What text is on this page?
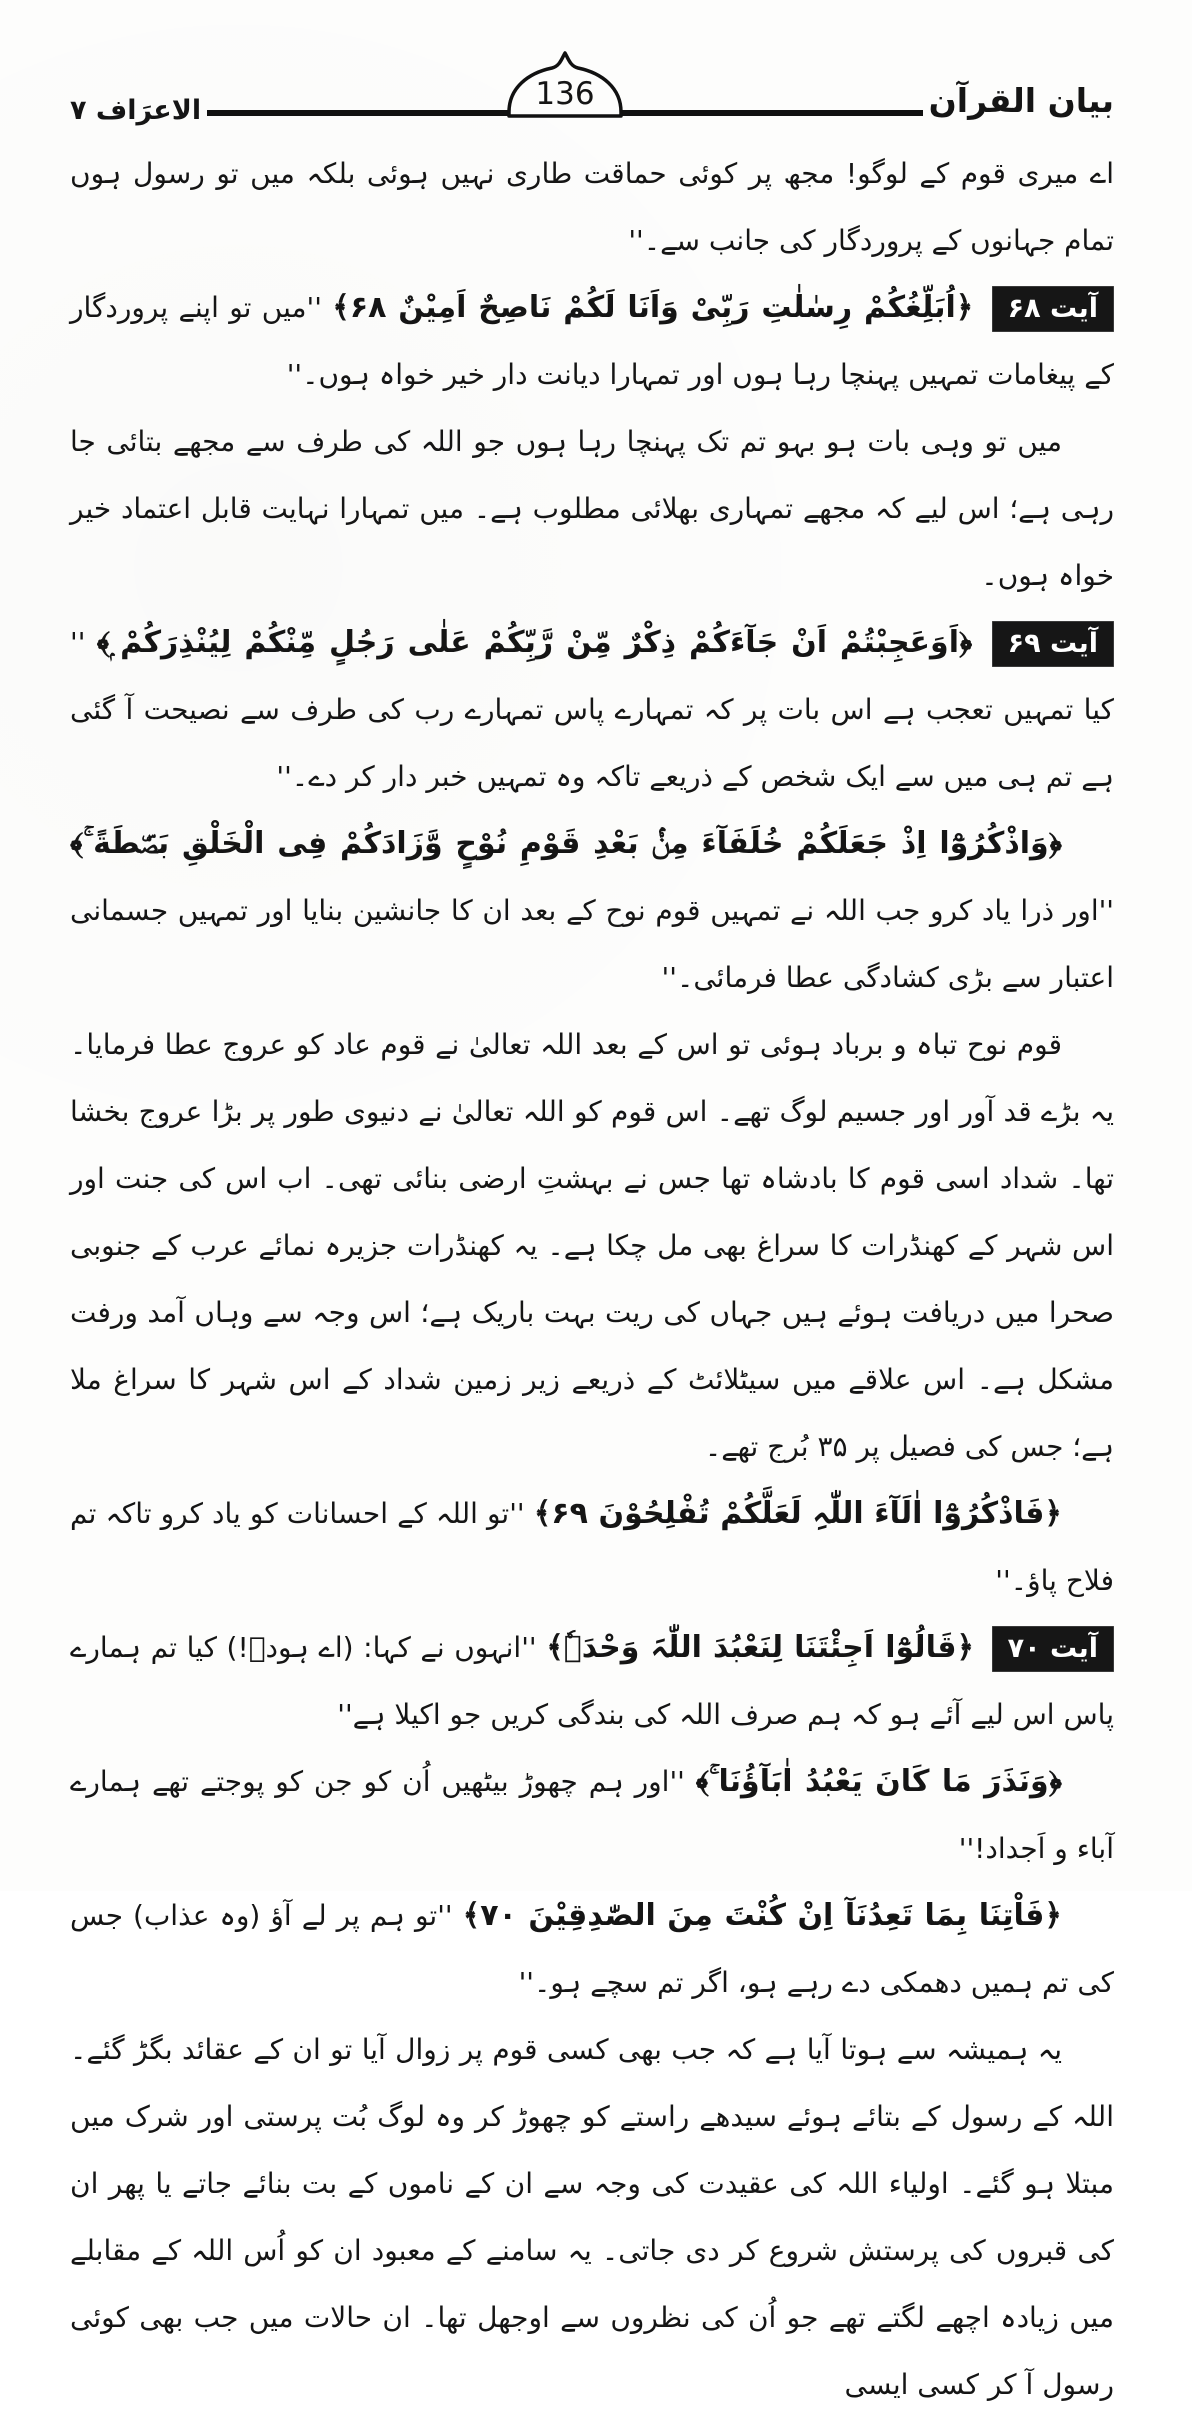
بیان القرآن
136
الاعرَاف ۷

اے میری قوم کے لوگو! مجھ پر کوئی حماقت طاری نہیں ہوئی بلکہ میں تو رسول ہوں تمام جہانوں کے پروردگار کی جانب سے۔''

آیت ۶۸ ﴿اُبَلِّغُکُمْ رِسٰلٰتِ رَبِّیْ وَاَنَا لَکُمْ نَاصِحٌ اَمِیْنٌ ۶۸﴾ ''میں تو اپنے پروردگار کے پیغامات تمہیں پہنچا رہا ہوں اور تمہارا دیانت دار خیر خواہ ہوں۔''

میں تو وہی بات ہو بہو تم تک پہنچا رہا ہوں جو اللہ کی طرف سے مجھے بتائی جا رہی ہے؛ اس لیے کہ مجھے تمہاری بھلائی مطلوب ہے۔ میں تمہارا نہایت قابل اعتماد خیر خواہ ہوں۔

آیت ۶۹ ﴿اَوَعَجِبْتُمْ اَنْ جَآءَکُمْ ذِکْرٌ مِّنْ رَّبِّکُمْ عَلٰی رَجُلٍ مِّنْکُمْ لِیُنْذِرَکُمْ ۭ﴾ '' کیا تمہیں تعجب ہے اس بات پر کہ تمہارے پاس تمہارے رب کی طرف سے نصیحت آ گئی ہے تم ہی میں سے ایک شخص کے ذریعے تاکہ وہ تمہیں خبر دار کر دے۔''

﴿وَاذْکُرُوْٓا اِذْ جَعَلَکُمْ خُلَفَآءَ مِنْۢ بَعْدِ قَوْمِ نُوْحٍ وَّزَادَکُمْ فِی الْخَلْقِ بَصْۜطَةً ۚ﴾ ''اور ذرا یاد کرو جب اللہ نے تمہیں قوم نوح کے بعد ان کا جانشین بنایا اور تمہیں جسمانی اعتبار سے بڑی کشادگی عطا فرمائی۔''

قوم نوح تباہ و برباد ہوئی تو اس کے بعد اللہ تعالیٰ نے قوم عاد کو عروج عطا فرمایا۔ یہ بڑے قد آور اور جسیم لوگ تھے۔ اس قوم کو اللہ تعالیٰ نے دنیوی طور پر بڑا عروج بخشا تھا۔ شداد اسی قوم کا بادشاہ تھا جس نے بہشتِ ارضی بنائی تھی۔ اب اس کی جنت اور اس شہر کے کھنڈرات کا سراغ بھی مل چکا ہے۔ یہ کھنڈرات جزیرہ نمائے عرب کے جنوبی صحرا میں دریافت ہوئے ہیں جہاں کی ریت بہت باریک ہے؛ اس وجہ سے وہاں آمد ورفت مشکل ہے۔ اس علاقے میں سیٹلائٹ کے ذریعے زیر زمین شداد کے اس شہر کا سراغ ملا ہے؛ جس کی فصیل پر ۳۵ بُرج تھے۔

﴿فَاذْکُرُوْٓا اٰلَآءَ اللّٰہِ لَعَلَّکُمْ تُفْلِحُوْنَ ۶۹﴾ ''تو اللہ کے احسانات کو یاد کرو تاکہ تم فلاح پاؤ۔''

آیت ۷۰ ﴿قَالُوْٓا اَجِئْتَنَا لِنَعْبُدَ اللّٰہَ وَحْدَہٗ﴾ ''انہوں نے کہا: (اے ہودؑ!) کیا تم ہمارے پاس اس لیے آئے ہو کہ ہم صرف اللہ کی بندگی کریں جو اکیلا ہے''

﴿وَنَذَرَ مَا کَانَ یَعْبُدُ اٰبَآؤُنَا ۚ﴾ ''اور ہم چھوڑ بیٹھیں اُن کو جن کو پوجتے تھے ہمارے آباء و اَجداد!''

﴿فَاْتِنَا بِمَا تَعِدُنَآ اِنْ کُنْتَ مِنَ الصّٰدِقِیْنَ ۷۰﴾ ''تو ہم پر لے آؤ (وہ عذاب) جس کی تم ہمیں دھمکی دے رہے ہو، اگر تم سچے ہو۔''

یہ ہمیشہ سے ہوتا آیا ہے کہ جب بھی کسی قوم پر زوال آیا تو ان کے عقائد بگڑ گئے۔ اللہ کے رسول کے بتائے ہوئے سیدھے راستے کو چھوڑ کر وہ لوگ بُت پرستی اور شرک میں مبتلا ہو گئے۔ اولیاء اللہ کی عقیدت کی وجہ سے ان کے ناموں کے بت بنائے جاتے یا پھر ان کی قبروں کی پرستش شروع کر دی جاتی۔ یہ سامنے کے معبود ان کو اُس اللہ کے مقابلے میں زیادہ اچھے لگتے تھے جو اُن کی نظروں سے اوجھل تھا۔ ان حالات میں جب بھی کوئی رسول آ کر کسی ایسی
